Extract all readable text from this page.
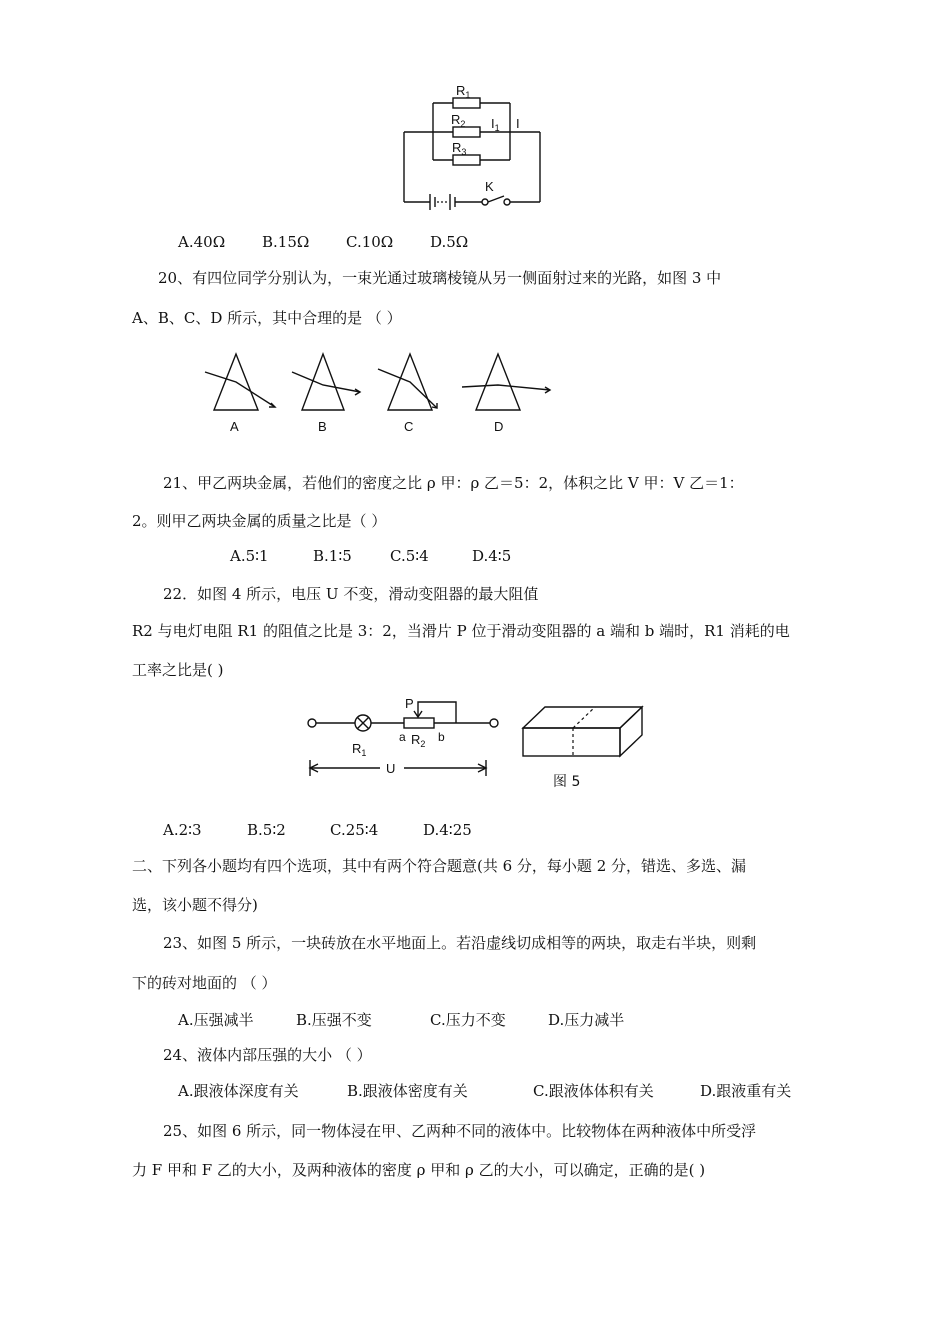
$R_1$
$R_2$
$R_3$
$I_1$ I
K
A.40Ω B.15Ω C.10Ω D.5Ω
20、有四位同学分别认为，一束光通过玻璃棱镜从另一侧面射过来的光路，如图 3 中
A、B、C、D 所示，其中合理的是 （ ）
A	B	C	D
21、甲乙两块金属，若他们的密度之比 ρ 甲：ρ 乙＝5：2，体积之比 V 甲：V 乙＝1：
2。则甲乙两块金属的质量之比是（ ）
A.5∶1	B.1∶5	C.5∶4	D.4∶5
22．如图 4 所示，电压 U 不变，滑动变阻器的最大阻值
R2 与电灯电阻 R1 的阻值之比是 3：2，当滑片 P 位于滑动变阻器的 a 端和 b 端时，R1 消耗的电
工率之比是( )
P
$R_1$
a $R_2$ b
U
图 5
A.2∶3	B.5∶2	C.25∶4	D.4∶25
二、下列各小题均有四个选项，其中有两个符合题意(共 6 分，每小题 2 分，错选、多选、漏
选，该小题不得分)
23、如图 5 所示，一块砖放在水平地面上。若沿虚线切成相等的两块，取走右半块，则剩
下的砖对地面的 （ ）
A.压强减半	B.压强不变	C.压力不变	D.压力减半
24、液体内部压强的大小 （ ）
A.跟液体深度有关	B.跟液体密度有关	C.跟液体体积有关	D.跟液重有关
25、如图 6 所示，同一物体浸在甲、乙两种不同的液体中。比较物体在两种液体中所受浮
力 F 甲和 F 乙的大小，及两种液体的密度 ρ 甲和 ρ 乙的大小，可以确定，正确的是( )
